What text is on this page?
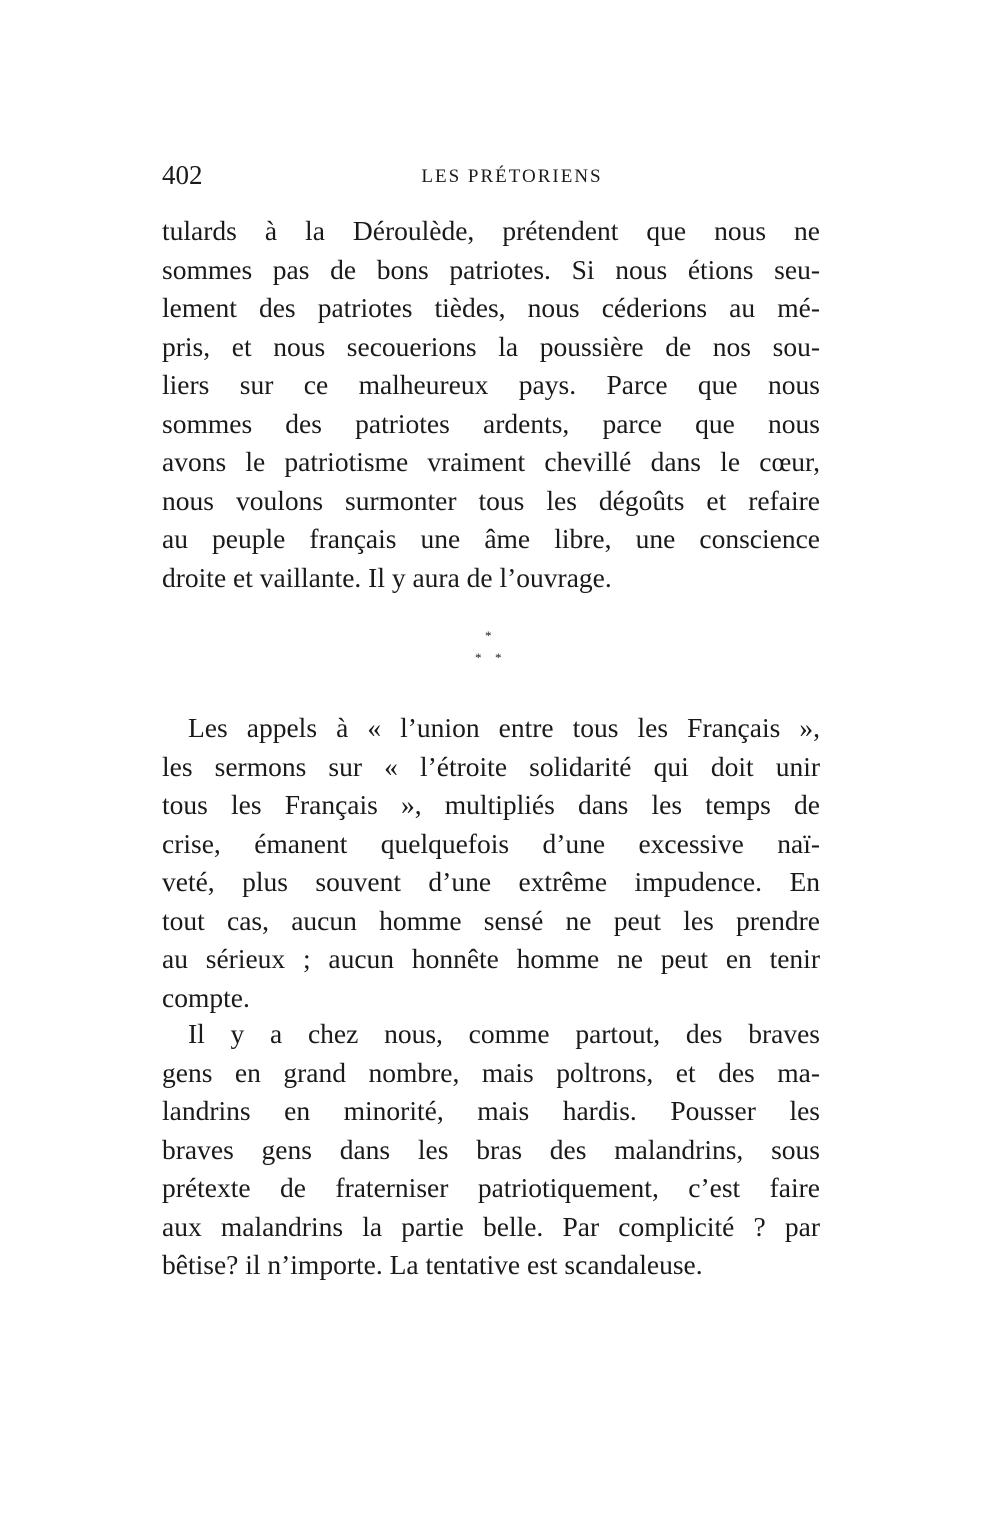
402	LES PRÉTORIENS
tulards à la Déroulède, prétendent que nous ne
sommes pas de bons patriotes. Si nous étions seu-
lement des patriotes tièdes, nous céderions au mé-
pris, et nous secouerions la poussière de nos sou-
liers sur ce malheureux pays. Parce que nous
sommes des patriotes ardents, parce que nous
avons le patriotisme vraiment chevillé dans le cœur,
nous voulons surmonter tous les dégoûts et refaire
au peuple français une âme libre, une conscience
droite et vaillante. Il y aura de l’ouvrage.
*
* *
Les appels à « l’union entre tous les Français »,
les sermons sur « l’étroite solidarité qui doit unir
tous les Français », multipliés dans les temps de
crise, émanent quelquefois d’une excessive naï-
veté, plus souvent d’une extrême impudence. En
tout cas, aucun homme sensé ne peut les prendre
au sérieux ; aucun honnête homme ne peut en tenir
compte.
Il y a chez nous, comme partout, des braves
gens en grand nombre, mais poltrons, et des ma-
landrins en minorité, mais hardis. Pousser les
braves gens dans les bras des malandrins, sous
prétexte de fraterniser patriotiquement, c’est faire
aux malandrins la partie belle. Par complicité ? par
bêtise? il n’importe. La tentative est scandaleuse.
